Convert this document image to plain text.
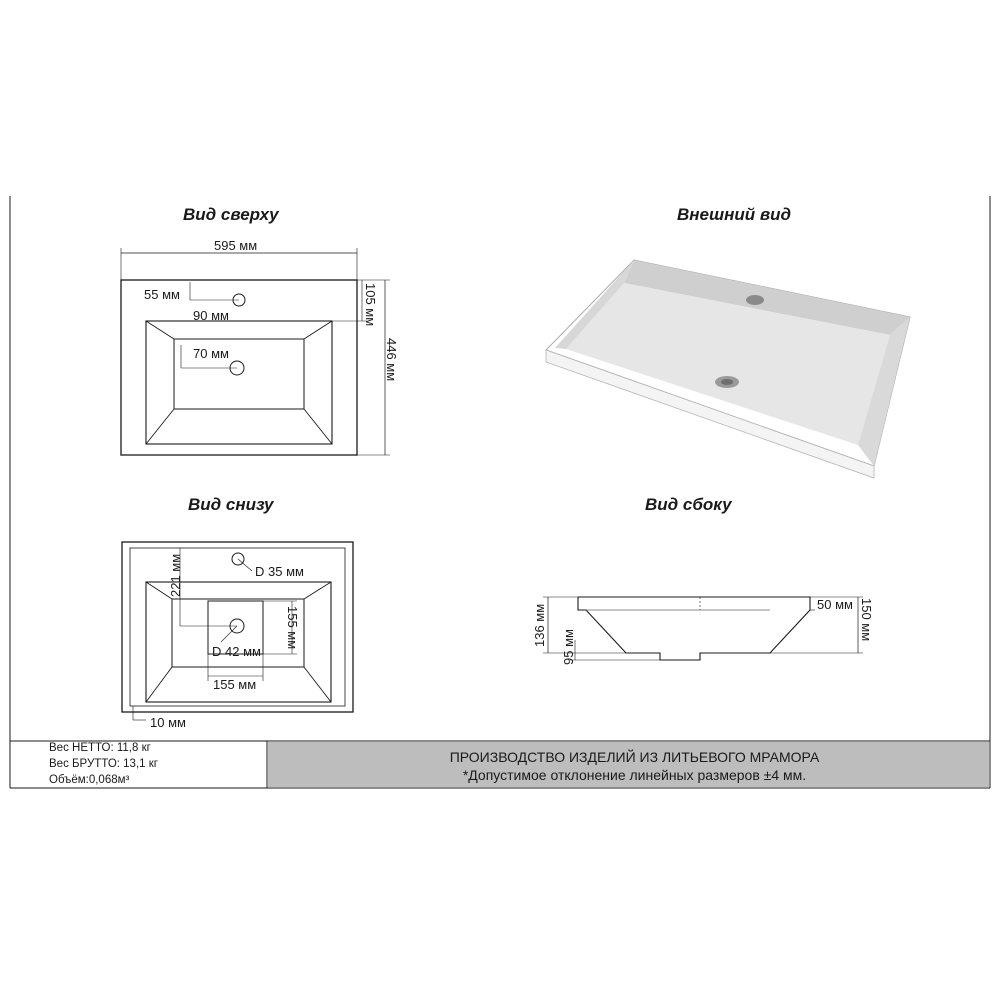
Вид сверху	Внешний вид
Вид снизу	Вид сбоку
595 мм
446 мм
105 мм
55 мм
90 мм
70 мм
D 35 мм
D 42 мм
221 мм
155 мм
155 мм
10 мм
50 мм 150 мм
136 мм
95 мм
Вес НЕТТО: 11,8 кг
Вес БРУТТО: 13,1 кг
Объём:0,068м³
ПРОИЗВОДСТВО ИЗДЕЛИЙ ИЗ ЛИТЬЕВОГО МРАМОРА
*Допустимое отклонение линейных размеров ±4 мм.
